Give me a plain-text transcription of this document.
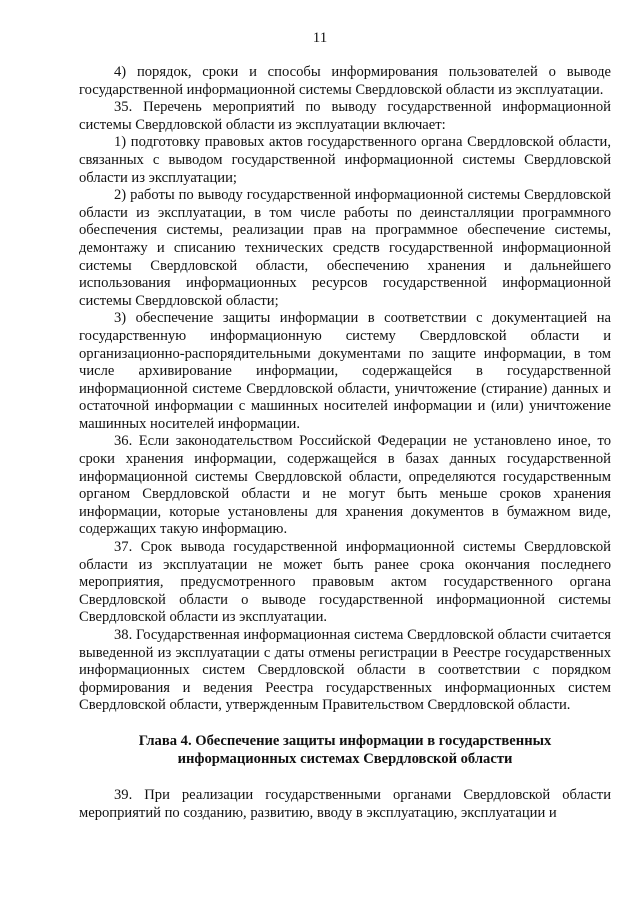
11

4) порядок, сроки и способы информирования пользователей о выводе государственной информационной системы Свердловской области из эксплуатации.

35. Перечень мероприятий по выводу государственной информационной системы Свердловской области из эксплуатации включает:

1) подготовку правовых актов государственного органа Свердловской области, связанных с выводом государственной информационной системы Свердловской области из эксплуатации;

2) работы по выводу государственной информационной системы Свердловской области из эксплуатации, в том числе работы по деинсталляции программного обеспечения системы, реализации прав на программное обеспечение системы, демонтажу и списанию технических средств государственной информационной системы Свердловской области, обеспечению хранения и дальнейшего использования информационных ресурсов государственной информационной системы Свердловской области;

3) обеспечение защиты информации в соответствии с документацией на государственную информационную систему Свердловской области и организационно-распорядительными документами по защите информации, в том числе архивирование информации, содержащейся в государственной информационной системе Свердловской области, уничтожение (стирание) данных и остаточной информации с машинных носителей информации и (или) уничтожение машинных носителей информации.

36. Если законодательством Российской Федерации не установлено иное, то сроки хранения информации, содержащейся в базах данных государственной информационной системы Свердловской области, определяются государственным органом Свердловской области и не могут быть меньше сроков хранения информации, которые установлены для хранения документов в бумажном виде, содержащих такую информацию.

37. Срок вывода государственной информационной системы Свердловской области из эксплуатации не может быть ранее срока окончания последнего мероприятия, предусмотренного правовым актом государственного органа Свердловской области о выводе государственной информационной системы Свердловской области из эксплуатации.

38. Государственная информационная система Свердловской области считается выведенной из эксплуатации с даты отмены регистрации в Реестре государственных информационных систем Свердловской области в соответствии с порядком формирования и ведения Реестра государственных информационных систем Свердловской области, утвержденным Правительством Свердловской области.

Глава 4. Обеспечение защиты информации в государственных информационных системах Свердловской области

39. При реализации государственными органами Свердловской области мероприятий по созданию, развитию, вводу в эксплуатацию, эксплуатации и
